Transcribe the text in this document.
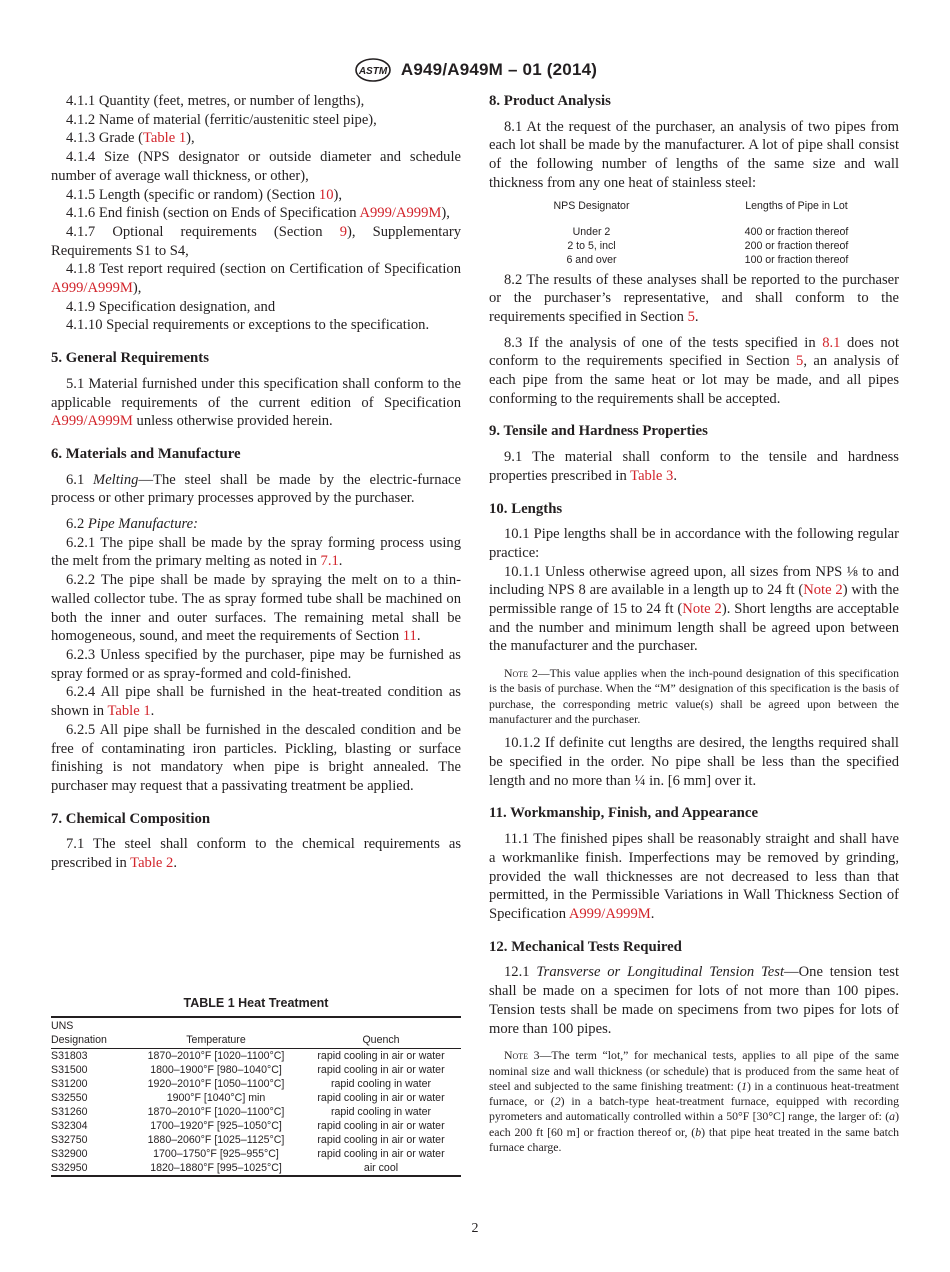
ASTM A949/A949M – 01 (2014)

4.1.1 Quantity (feet, metres, or number of lengths),

4.1.2 Name of material (ferritic/austenitic steel pipe),

4.1.3 Grade (Table 1),

4.1.4 Size (NPS designator or outside diameter and schedule number of average wall thickness, or other),

4.1.5 Length (specific or random) (Section 10),

4.1.6 End finish (section on Ends of Specification A999/A999M),

4.1.7 Optional requirements (Section 9), Supplementary Requirements S1 to S4,

4.1.8 Test report required (section on Certification of Specification A999/A999M),

4.1.9 Specification designation, and

4.1.10 Special requirements or exceptions to the specification.

5. General Requirements

5.1 Material furnished under this specification shall conform to the applicable requirements of the current edition of Specification A999/A999M unless otherwise provided herein.

6. Materials and Manufacture

6.1 Melting—The steel shall be made by the electric-furnace process or other primary processes approved by the purchaser.

6.2 Pipe Manufacture:

6.2.1 The pipe shall be made by the spray forming process using the melt from the primary melting as noted in 7.1.

6.2.2 The pipe shall be made by spraying the melt on to a thin-walled collector tube. The as spray formed tube shall be machined on both the inner and outer surfaces. The remaining metal shall be homogeneous, sound, and meet the requirements of Section 11.

6.2.3 Unless specified by the purchaser, pipe may be furnished as spray formed or as spray-formed and cold-finished.

6.2.4 All pipe shall be furnished in the heat-treated condition as shown in Table 1.

6.2.5 All pipe shall be furnished in the descaled condition and be free of contaminating iron particles. Pickling, blasting or surface finishing is not mandatory when pipe is bright annealed. The purchaser may request that a passivating treatment be applied.

7. Chemical Composition

7.1 The steel shall conform to the chemical requirements as prescribed in Table 2.

TABLE 1 Heat Treatment
UNS Designation	Temperature	Quench
S31803	1870–2010°F [1020–1100°C]	rapid cooling in air or water
S31500	1800–1900°F [980–1040°C]	rapid cooling in air or water
S31200	1920–2010°F [1050–1100°C]	rapid cooling in water
S32550	1900°F [1040°C] min	rapid cooling in air or water
S31260	1870–2010°F [1020–1100°C]	rapid cooling in water
S32304	1700–1920°F [925–1050°C]	rapid cooling in air or water
S32750	1880–2060°F [1025–1125°C]	rapid cooling in air or water
S32900	1700–1750°F [925–955°C]	rapid cooling in air or water
S32950	1820–1880°F [995–1025°C]	air cool

8. Product Analysis

8.1 At the request of the purchaser, an analysis of two pipes from each lot shall be made by the manufacturer. A lot of pipe shall consist of the following number of lengths of the same size and wall thickness from any one heat of stainless steel:

NPS Designator	Lengths of Pipe in Lot
Under 2	400 or fraction thereof
2 to 5, incl	200 or fraction thereof
6 and over	100 or fraction thereof

8.2 The results of these analyses shall be reported to the purchaser or the purchaser’s representative, and shall conform to the requirements specified in Section 5.

8.3 If the analysis of one of the tests specified in 8.1 does not conform to the requirements specified in Section 5, an analysis of each pipe from the same heat or lot may be made, and all pipes conforming to the requirements shall be accepted.

9. Tensile and Hardness Properties

9.1 The material shall conform to the tensile and hardness properties prescribed in Table 3.

10. Lengths

10.1 Pipe lengths shall be in accordance with the following regular practice:

10.1.1 Unless otherwise agreed upon, all sizes from NPS ⅛ to and including NPS 8 are available in a length up to 24 ft (Note 2) with the permissible range of 15 to 24 ft (Note 2). Short lengths are acceptable and the number and minimum length shall be agreed upon between the manufacturer and the purchaser.

Note 2—This value applies when the inch-pound designation of this specification is the basis of purchase. When the “M” designation of this specification is the basis of purchase, the corresponding metric value(s) shall be agreed upon between the manufacturer and the purchaser.

10.1.2 If definite cut lengths are desired, the lengths required shall be specified in the order. No pipe shall be less than the specified length and no more than ¼ in. [6 mm] over it.

11. Workmanship, Finish, and Appearance

11.1 The finished pipes shall be reasonably straight and shall have a workmanlike finish. Imperfections may be removed by grinding, provided the wall thicknesses are not decreased to less than that permitted, in the Permissible Variations in Wall Thickness Section of Specification A999/A999M.

12. Mechanical Tests Required

12.1 Transverse or Longitudinal Tension Test—One tension test shall be made on a specimen for lots of not more than 100 pipes. Tension tests shall be made on specimens from two pipes for lots of more than 100 pipes.

Note 3—The term “lot,” for mechanical tests, applies to all pipe of the same nominal size and wall thickness (or schedule) that is produced from the same heat of steel and subjected to the same finishing treatment: (1) in a continuous heat-treatment furnace, or (2) in a batch-type heat-treatment furnace, equipped with recording pyrometers and automatically controlled within a 50°F [30°C] range, the larger of: (a) each 200 ft [60 m] or fraction thereof or, (b) that pipe heat treated in the same batch furnace charge.

2
